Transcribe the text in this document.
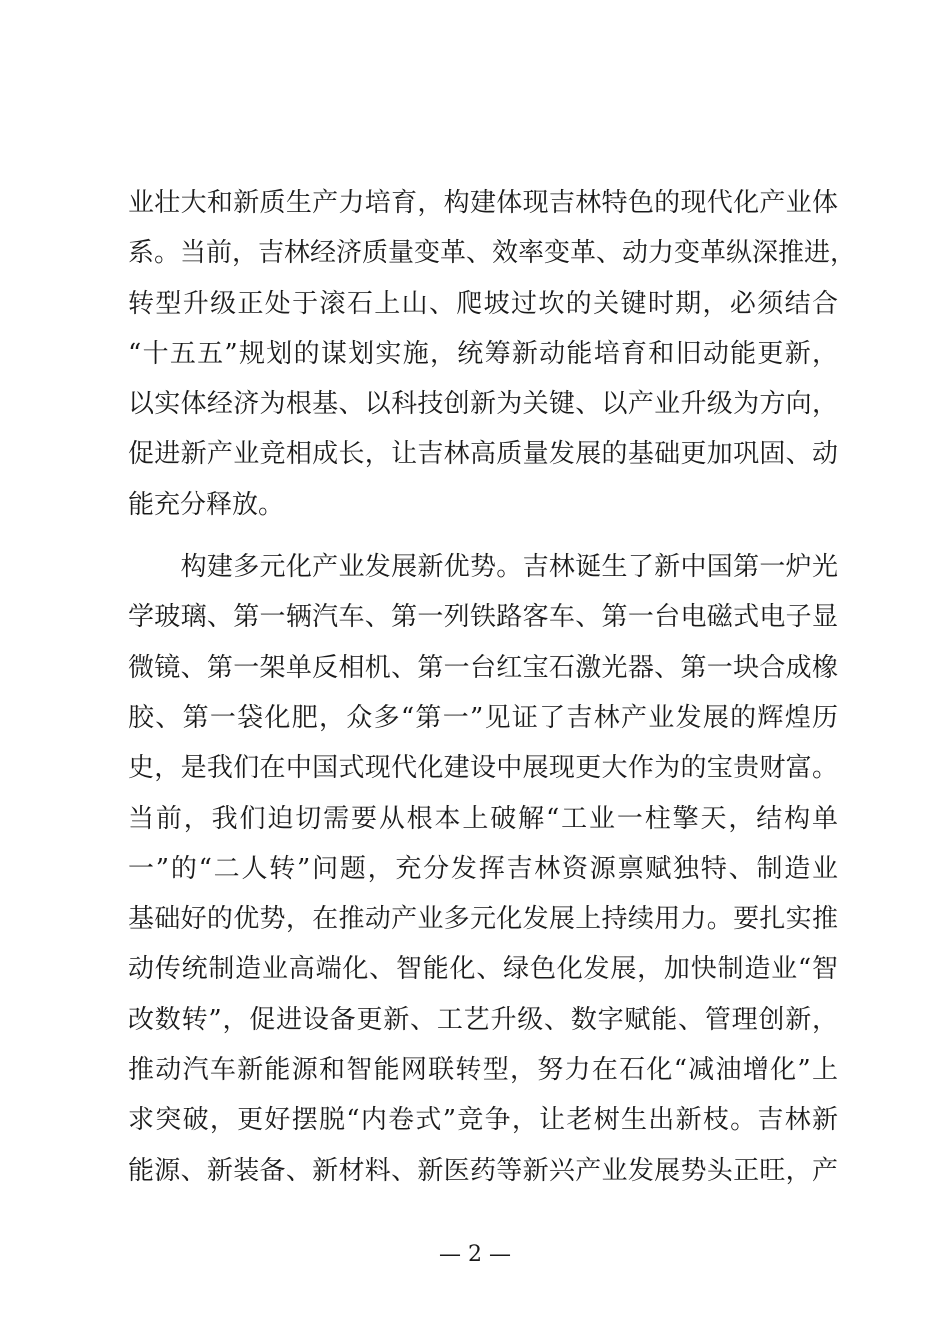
业壮大和新质生产力培育，构建体现吉林特色的现代化产业体
系。当前，吉林经济质量变革、效率变革、动力变革纵深推进，
转型升级正处于滚石上山、爬坡过坎的关键时期，必须结合
“十五五”规划的谋划实施，统筹新动能培育和旧动能更新，
以实体经济为根基、以科技创新为关键、以产业升级为方向，
促进新产业竞相成长，让吉林高质量发展的基础更加巩固、动
能充分释放。
　　构建多元化产业发展新优势。吉林诞生了新中国第一炉光
学玻璃、第一辆汽车、第一列铁路客车、第一台电磁式电子显
微镜、第一架单反相机、第一台红宝石激光器、第一块合成橡
胶、第一袋化肥，众多“第一”见证了吉林产业发展的辉煌历
史，是我们在中国式现代化建设中展现更大作为的宝贵财富。
当前，我们迫切需要从根本上破解“工业一柱擎天，结构单
一”的“二人转”问题，充分发挥吉林资源禀赋独特、制造业
基础好的优势，在推动产业多元化发展上持续用力。要扎实推
动传统制造业高端化、智能化、绿色化发展，加快制造业“智
改数转”，促进设备更新、工艺升级、数字赋能、管理创新，
推动汽车新能源和智能网联转型，努力在石化“减油增化”上
求突破，更好摆脱“内卷式”竞争，让老树生出新枝。吉林新
能源、新装备、新材料、新医药等新兴产业发展势头正旺，产
— 2 —
